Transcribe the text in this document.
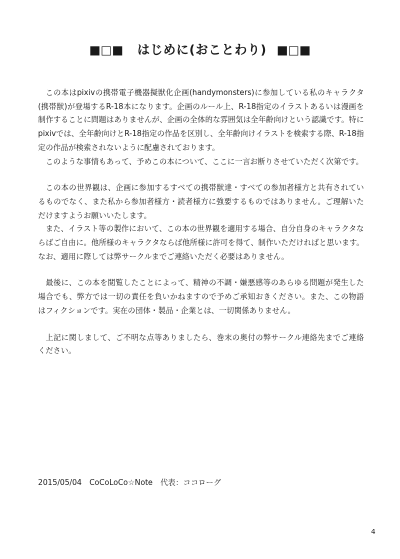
■□■ はじめに(おことわり) ■□■

この本はpixivの携帯電子機器擬獣化企画(handymonsters)に参加している私のキャラクタ(携帯獣)が登場するR-18本になります。企画のルール上、R-18指定のイラストあるいは漫画を制作することに問題はありませんが、企画の全体的な雰囲気は全年齢向けという認識です。特にpixivでは、全年齢向けとR-18指定の作品を区別し、全年齢向けイラストを検索する際、R-18指定の作品が検索されないように配慮されております。

このような事情もあって、予めこの本について、ここに一言お断りさせていただく次第です。

この本の世界観は、企画に参加するすべての携帯獣達・すべての参加者様方と共有されているものでなく、また私から参加者様方・読者様方に強要するものではありません。ご理解いただけますようお願いいたします。

また、イラスト等の製作において、この本の世界観を適用する場合、自分自身のキャラクタならばご自由に。他所様のキャラクタならば他所様に許可を得て、制作いただければと思います。なお、適用に際しては弊サークルまでご連絡いただく必要はありません。

最後に、この本を閲覧したことによって、精神の不調・嫌悪感等のあらゆる問題が発生した場合でも、弊方では一切の責任を負いかねますので予めご承知おきください。また、この物語はフィクションです。実在の団体・製品・企業とは、一切関係ありません。

上記に関しまして、ご不明な点等ありましたら、巻末の奥付の弊サークル連絡先までご連絡ください。

2015/05/04　CoCoLoCo☆Note　代表：ココローグ
4
